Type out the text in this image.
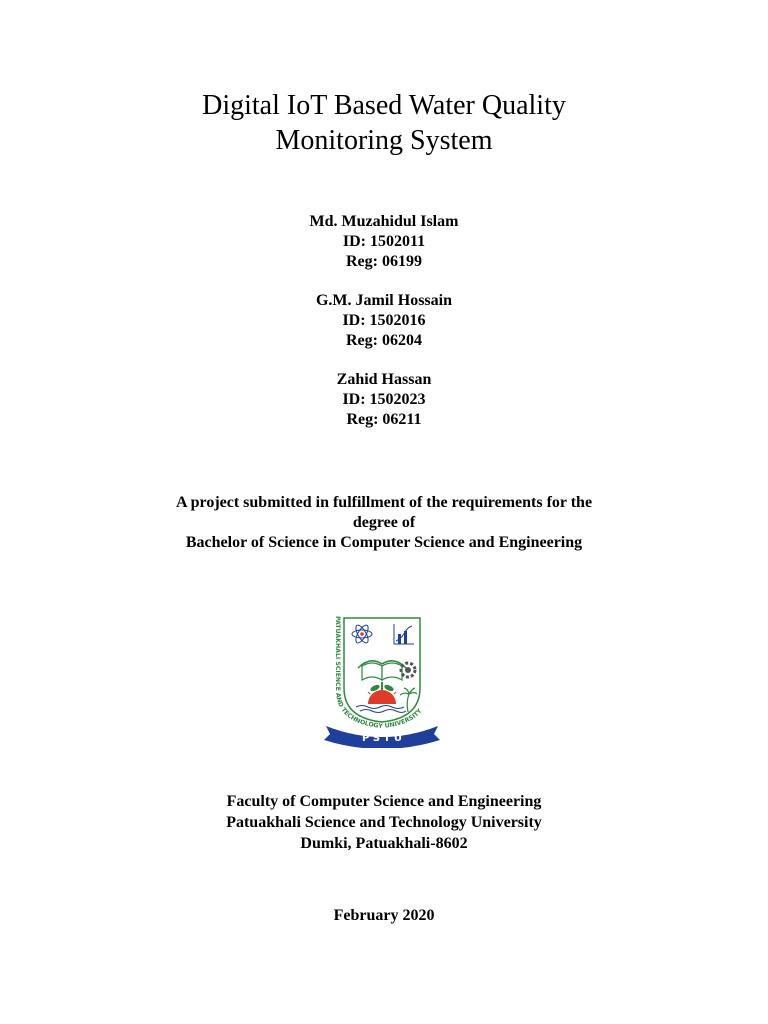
Digital IoT Based Water Quality
Monitoring System
Md. Muzahidul Islam
ID: 1502011
Reg: 06199
G.M. Jamil Hossain
ID: 1502016
Reg: 06204
Zahid Hassan
ID: 1502023
Reg: 06211
A project submitted in fulfillment of the requirements for the
degree of
Bachelor of Science in Computer Science and Engineering
PATUAKHALI SCIENCE AND TECHNOLOGY UNIVERSITY
P S T U
Faculty of Computer Science and Engineering
Patuakhali Science and Technology University
Dumki, Patuakhali-8602
February 2020
